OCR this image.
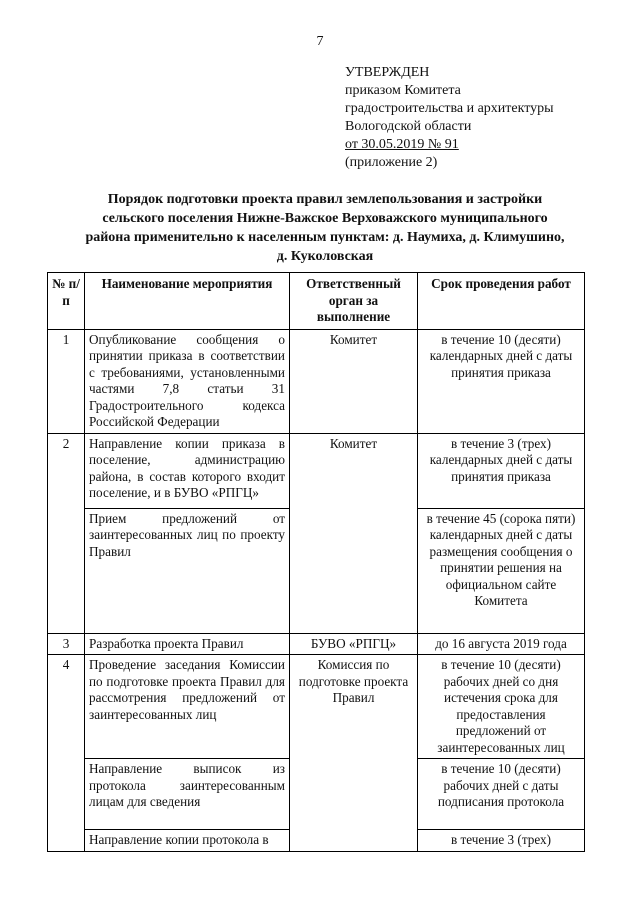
7
УТВЕРЖДЕН
приказом Комитета
градостроительства и архитектуры
Вологодской области
от 30.05.2019 № 91
(приложение 2)
Порядок подготовки проекта правил землепользования и застройки
сельского поселения Нижне-Важское Верховажского муниципального
района применительно к населенным пунктам: д. Наумиха, д. Климушино,
д. Куколовская
№ п/п	Наименование мероприятия	Ответственный орган за выполнение	Срок проведения работ
1	Опубликование сообщения о принятии приказа в соответствии с требованиями, установленными частями 7,8 статьи 31 Градостроительного кодекса Российской Федерации	Комитет	в течение 10 (десяти) календарных дней с даты принятия приказа
2	Направление копии приказа в поселение, администрацию района, в состав которого входит поселение, и в БУВО «РПГЦ»	Комитет	в течение 3 (трех) календарных дней с даты принятия приказа
	Прием предложений от заинтересованных лиц по проекту Правил		в течение 45 (сорока пяти) календарных дней с даты размещения сообщения о принятии решения на официальном сайте Комитета
3	Разработка проекта Правил	БУВО «РПГЦ»	до 16 августа 2019 года
4	Проведение заседания Комиссии по подготовке проекта Правил для рассмотрения предложений от заинтересованных лиц	Комиссия по подготовке проекта Правил	в течение 10 (десяти) рабочих дней со дня истечения срока для предоставления предложений от заинтересованных лиц
	Направление выписок из протокола заинтересованным лицам для сведения		в течение 10 (десяти) рабочих дней с даты подписания протокола
	Направление копии протокола в		в течение 3 (трех)
